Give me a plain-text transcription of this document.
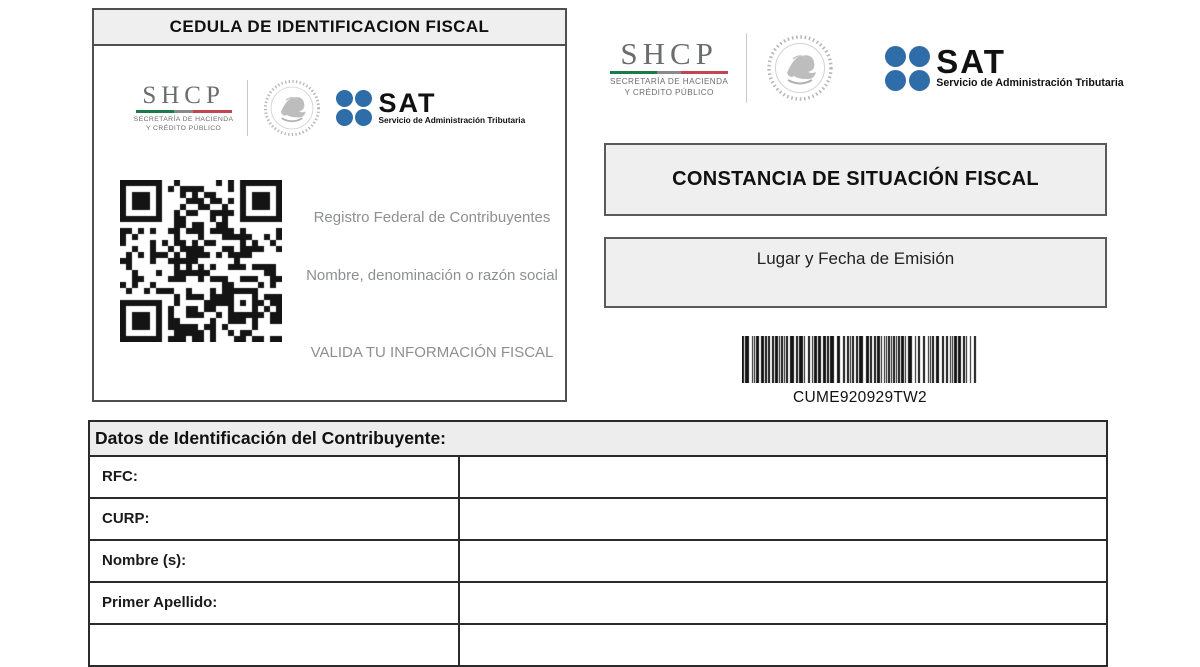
CEDULA DE IDENTIFICACION FISCAL
SHCP
SECRETARÍA DE HACIENDA
Y CRÉDITO PÚBLICO
SAT
Servicio de Administración Tributaria
Registro Federal de Contribuyentes
Nombre, denominación o razón social
VALIDA TU INFORMACIÓN FISCAL
SHCP
SECRETARÍA DE HACIENDA
Y CRÉDITO PÚBLICO
SAT
Servicio de Administración Tributaria
CONSTANCIA DE SITUACIÓN FISCAL
Lugar y Fecha de Emisión
CUME920929TW2
Datos de Identificación del Contribuyente:
RFC:
CURP:
Nombre (s):
Primer Apellido:
